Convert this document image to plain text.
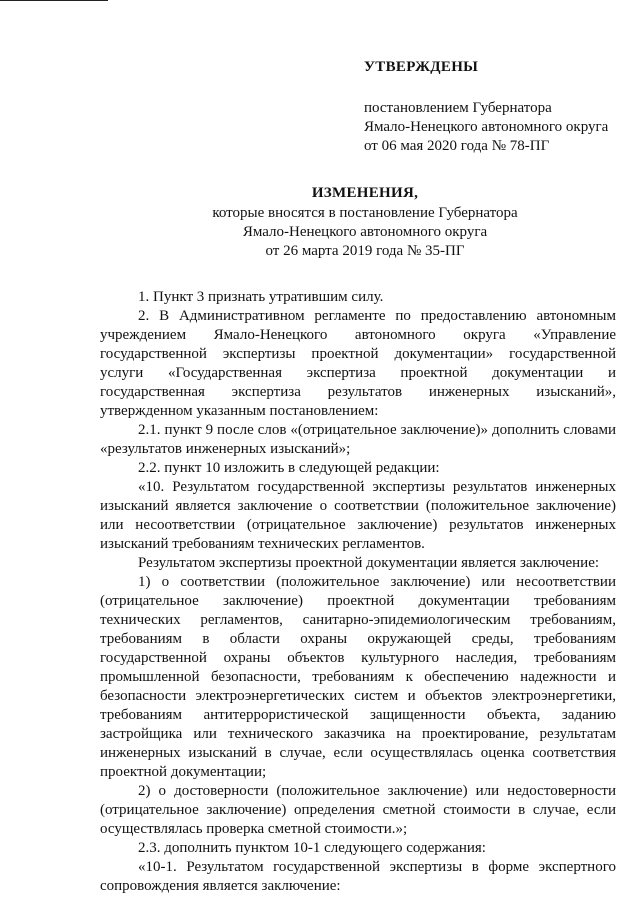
УТВЕРЖДЕНЫ
постановлением Губернатора
Ямало-Ненецкого автономного округа
от 06 мая 2020 года № 78-ПГ
ИЗМЕНЕНИЯ,
которые вносятся в постановление Губернатора
Ямало-Ненецкого автономного округа
от 26 марта 2019 года № 35-ПГ
1. Пункт 3 признать утратившим силу.
2. В Административном регламенте по предоставлению автономным
учреждением Ямало-Ненецкого автономного округа «Управление
государственной экспертизы проектной документации» государственной
услуги «Государственная экспертиза проектной документации и
государственная экспертиза результатов инженерных изысканий»,
утвержденном указанным постановлением:
2.1. пункт 9 после слов «(отрицательное заключение)» дополнить словами
«результатов инженерных изысканий»;
2.2. пункт 10 изложить в следующей редакции:
«10. Результатом государственной экспертизы результатов инженерных
изысканий является заключение о соответствии (положительное заключение)
или несоответствии (отрицательное заключение) результатов инженерных
изысканий требованиям технических регламентов.
Результатом экспертизы проектной документации является заключение:
1) о соответствии (положительное заключение) или несоответствии
(отрицательное заключение) проектной документации требованиям
технических регламентов, санитарно-эпидемиологическим требованиям,
требованиям в области охраны окружающей среды, требованиям
государственной охраны объектов культурного наследия, требованиям
промышленной безопасности, требованиям к обеспечению надежности и
безопасности электроэнергетических систем и объектов электроэнергетики,
требованиям антитеррористической защищенности объекта, заданию
застройщика или технического заказчика на проектирование, результатам
инженерных изысканий в случае, если осуществлялась оценка соответствия
проектной документации;
2) о достоверности (положительное заключение) или недостоверности
(отрицательное заключение) определения сметной стоимости в случае, если
осуществлялась проверка сметной стоимости.»;
2.3. дополнить пунктом 10-1 следующего содержания:
«10-1. Результатом государственной экспертизы в форме экспертного
сопровождения является заключение:
